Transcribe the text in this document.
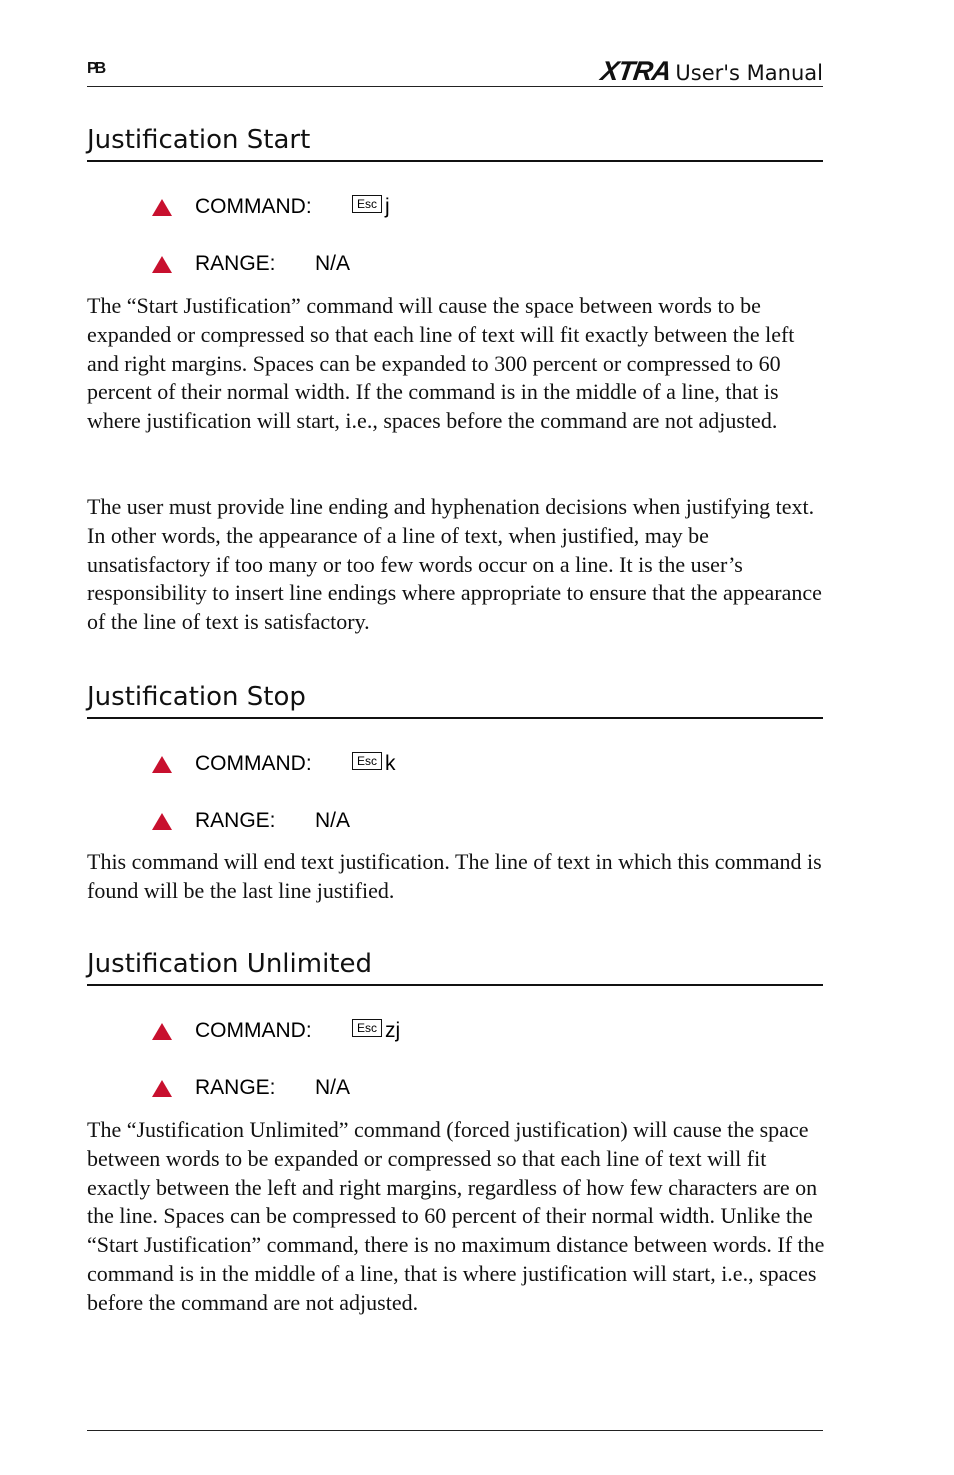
PB	XTRA User's Manual
Justification Start
COMMAND:	Esc j
RANGE: N/A

The “Start Justification” command will cause the space between words to be expanded or compressed so that each line of text will fit exactly between the left and right margins. Spaces can be expanded to 300 percent or compressed to 60 percent of their normal width. If the command is in the middle of a line, that is where justification will start, i.e., spaces before the command are not adjusted.

The user must provide line ending and hyphenation decisions when justifying text. In other words, the appearance of a line of text, when justified, may be unsatisfactory if too many or too few words occur on a line. It is the user’s responsibility to insert line endings where appropriate to ensure that the appearance of the line of text is satisfactory.

Justification Stop
COMMAND:	Esc k
RANGE: N/A

This command will end text justification. The line of text in which this command is found will be the last line justified.

Justification Unlimited
COMMAND:	Esc zj
RANGE: N/A

The “Justification Unlimited” command (forced justification) will cause the space between words to be expanded or compressed so that each line of text will fit exactly between the left and right margins, regardless of how few characters are on the line. Spaces can be compressed to 60 percent of their normal width. Unlike the “Start Justification” command, there is no maximum distance between words. If the command is in the middle of a line, that is where justification will start, i.e., spaces before the command are not adjusted.
